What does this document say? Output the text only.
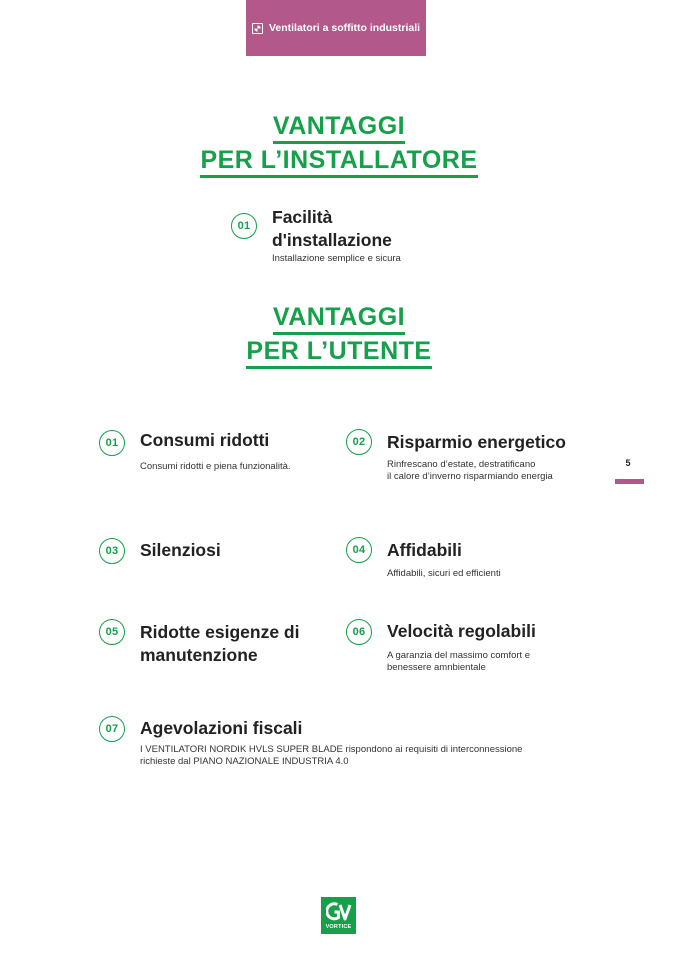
Ventilatori a soffitto industriali
VANTAGGI
PER L’INSTALLATORE
01	Facilità
d'installazione
Installazione semplice e sicura
VANTAGGI
PER L’UTENTE
01	Consumi ridotti
Consumi ridotti e piena funzionalità.
02	Risparmio energetico
Rinfrescano d’estate, destratificano
il calore d’inverno risparmiando energia
03	Silenziosi	04	Affidabili
Affidabili, sicuri ed efficienti
05	Ridotte esigenze di
manutenzione
06	Velocità regolabili
A garanzia del massimo comfort e
benessere amnbientale
07	Agevolazioni fiscali
I VENTILATORI NORDIK HVLS SUPER BLADE rispondono ai requisiti di interconnessione
richieste dal PIANO NAZIONALE INDUSTRIA 4.0
5
VORTICE
